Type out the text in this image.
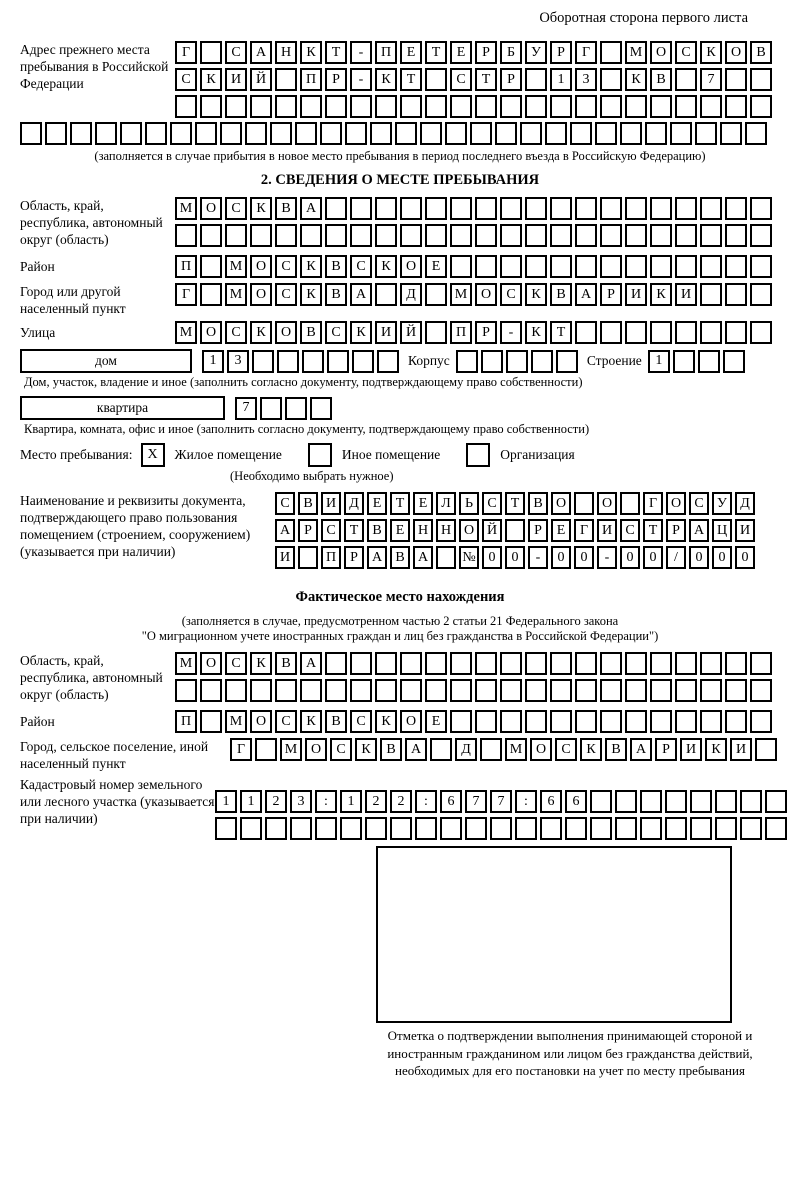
Оборотная сторона первого листа
Адрес прежнего места пребывания в Российской Федерации
Г	С	А	Н	К	Т	-	П	Е	Т	Е	Р	Б	У	Р	Г	М О	С	К	О	В
С	К	И	Й	П	Р	-	К	Т	С	Т	Р	1	3	К	В	7
(заполняется в случае прибытия в новое место пребывания в период последнего въезда в Российскую Федерацию)
2. СВЕДЕНИЯ О МЕСТЕ ПРЕБЫВАНИЯ
Область, край, республика, автономный округ (область)
М О	С	К	В	А
Район	П	М О	С	К	В	С	К	О	Е
Город или другой населенный пункт
Г	М О	С	К	В	А	Д	М О	С	К	В	А	Р	И	К	И
Улица	М О	С	К	О	В	С	К	И	Й	П	Р	-	К	Т
дом	1	3	Корпус	Строение 1
Дом, участок, владение и иное (заполнить согласно документу, подтверждающему право собственности)
квартира	7
Квартира, комната, офис и иное (заполнить согласно документу, подтверждающему право собственности)
Место пребывания:	X	Жилое помещение	Иное помещение	Организация
(Необходимо выбрать нужное)
Наименование и реквизиты документа, подтверждающего право пользования помещением (строением, сооружением) (указывается при наличии)
С В И Д Е	Т	Е Л	Ь	С	Т	В О	О	Г О С У Д
А	Р	С	Т	В	Е Н Н О Й	Р	Е	Г И С	Т	Р	А Ц И
И	П	Р	А В А	№ 0	0	-	0	0	-	0	0	/	0	0	0
Фактическое место нахождения
(заполняется в случае, предусмотренном частью 2 статьи 21 Федерального закона
"О миграционном учете иностранных граждан и лиц без гражданства в Российской Федерации")
Область, край, республика, автономный округ (область)
М О	С	К	В	А
Район	П	М О	С	К	В	С	К	О	Е
Город, сельское поселение, иной населенный пункт
Г	М О	С	К	В	А	Д	М О	С	К	В	А	Р	И	К	И
Кадастровый номер земельного или лесного участка (указывается при наличии)
1	1	2	3	:	1	2	2	:	6	7	7	:	6	6
Отметка о подтверждении выполнения принимающей стороной и иностранным гражданином или лицом без гражданства действий, необходимых для его постановки на учет по месту пребывания
